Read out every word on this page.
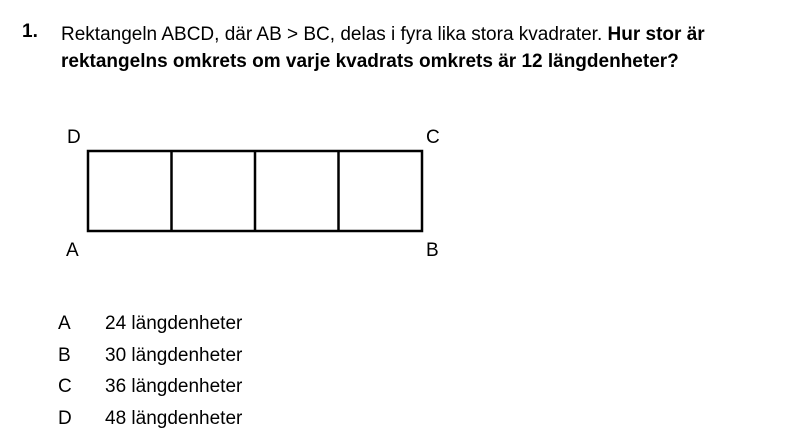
1. Rektangeln ABCD, där AB > BC, delas i fyra lika stora kvadrater. Hur stor är
rektangelns omkrets om varje kvadrats omkrets är 12 längdenheter?
D	C
A	B
A	24 längdenheter
B	30 längdenheter
C	36 längdenheter
D	48 längdenheter
